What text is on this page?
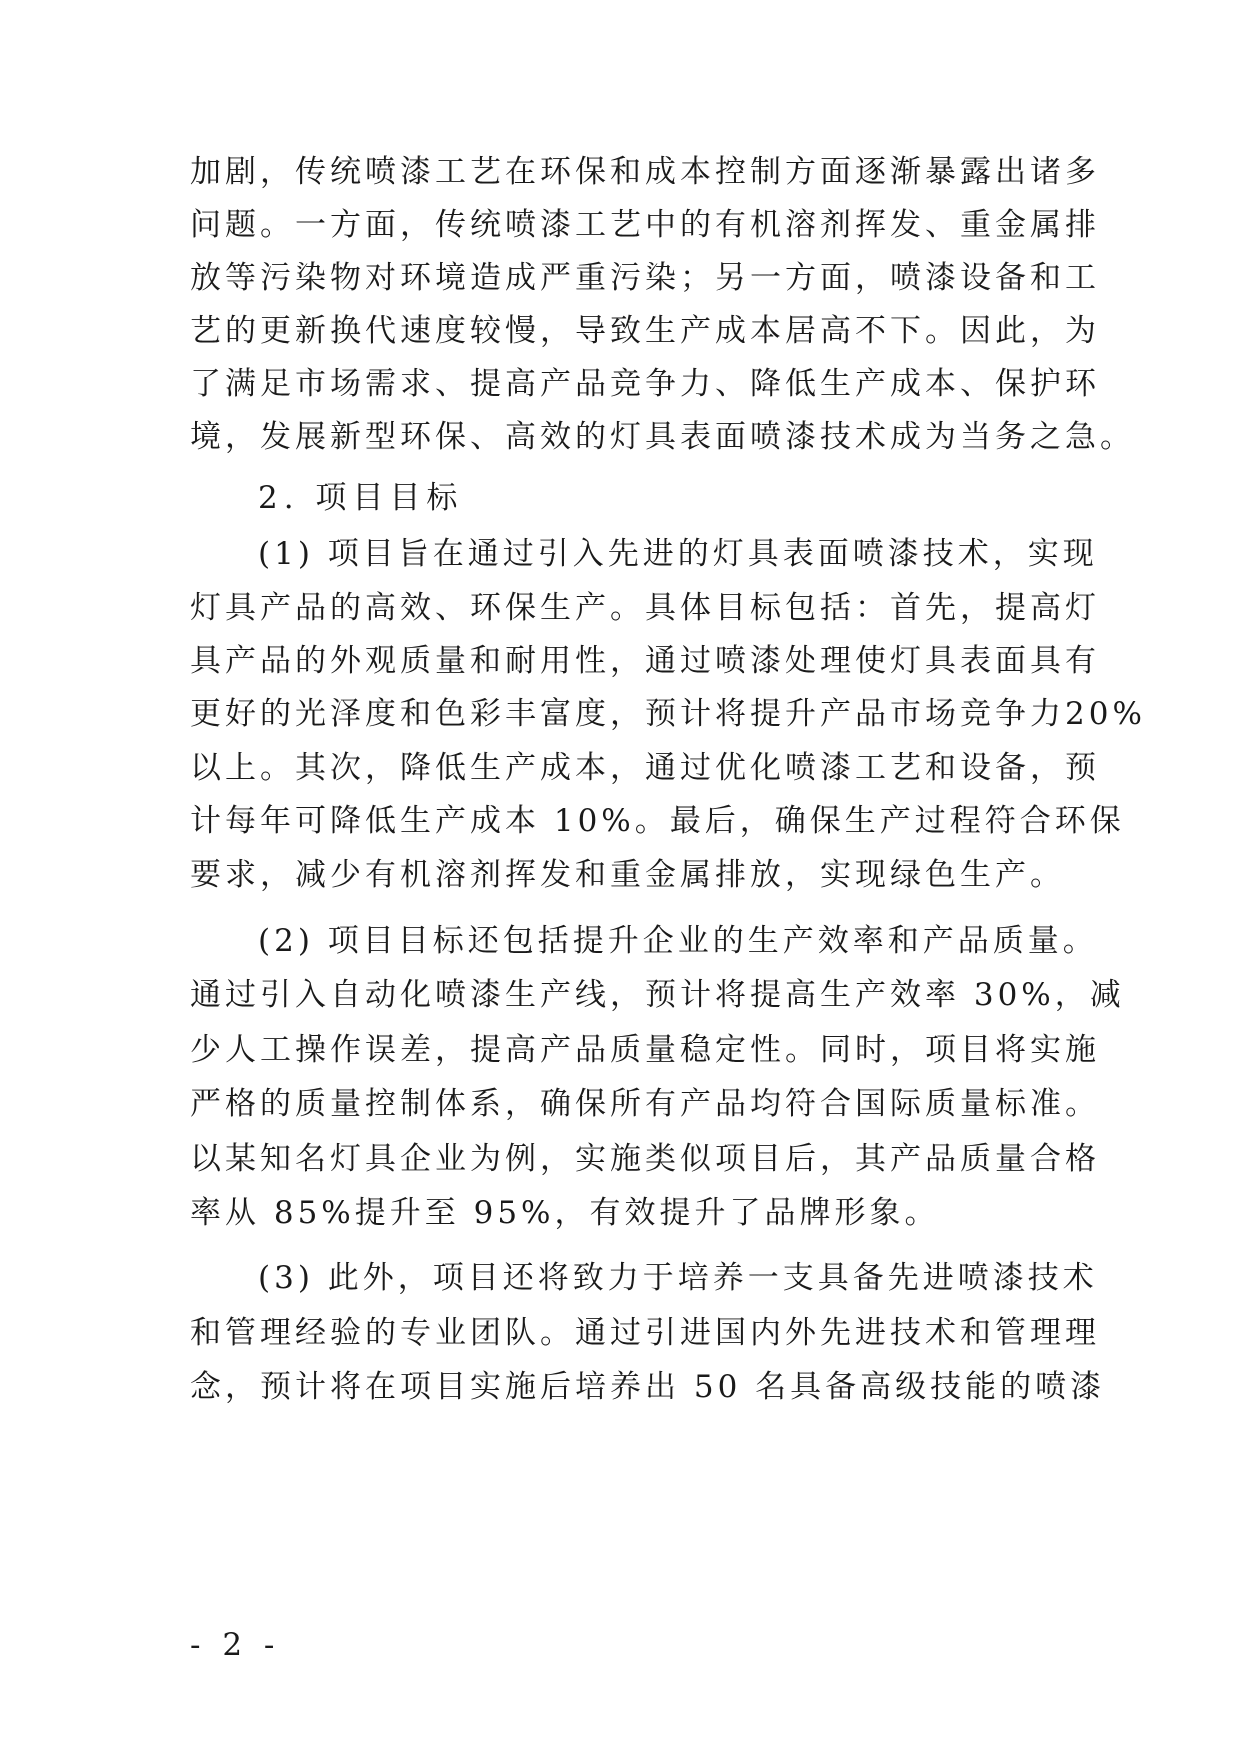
加剧，传统喷漆工艺在环保和成本控制方面逐渐暴露出诸多
问题。一方面，传统喷漆工艺中的有机溶剂挥发、重金属排
放等污染物对环境造成严重污染；另一方面，喷漆设备和工
艺的更新换代速度较慢，导致生产成本居高不下。因此，为
了满足市场需求、提高产品竞争力、降低生产成本、保护环
境，发展新型环保、高效的灯具表面喷漆技术成为当务之急。
2. 项目目标
(1) 项目旨在通过引入先进的灯具表面喷漆技术，实现
灯具产品的高效、环保生产。具体目标包括：首先，提高灯
具产品的外观质量和耐用性，通过喷漆处理使灯具表面具有
更好的光泽度和色彩丰富度，预计将提升产品市场竞争力20%
以上。其次，降低生产成本，通过优化喷漆工艺和设备，预
计每年可降低生产成本 10%。最后，确保生产过程符合环保
要求，减少有机溶剂挥发和重金属排放，实现绿色生产。
(2) 项目目标还包括提升企业的生产效率和产品质量。
通过引入自动化喷漆生产线，预计将提高生产效率 30%，减
少人工操作误差，提高产品质量稳定性。同时，项目将实施
严格的质量控制体系，确保所有产品均符合国际质量标准。
以某知名灯具企业为例，实施类似项目后，其产品质量合格
率从 85%提升至 95%，有效提升了品牌形象。
(3) 此外，项目还将致力于培养一支具备先进喷漆技术
和管理经验的专业团队。通过引进国内外先进技术和管理理
念，预计将在项目实施后培养出 50 名具备高级技能的喷漆
- 2 -
